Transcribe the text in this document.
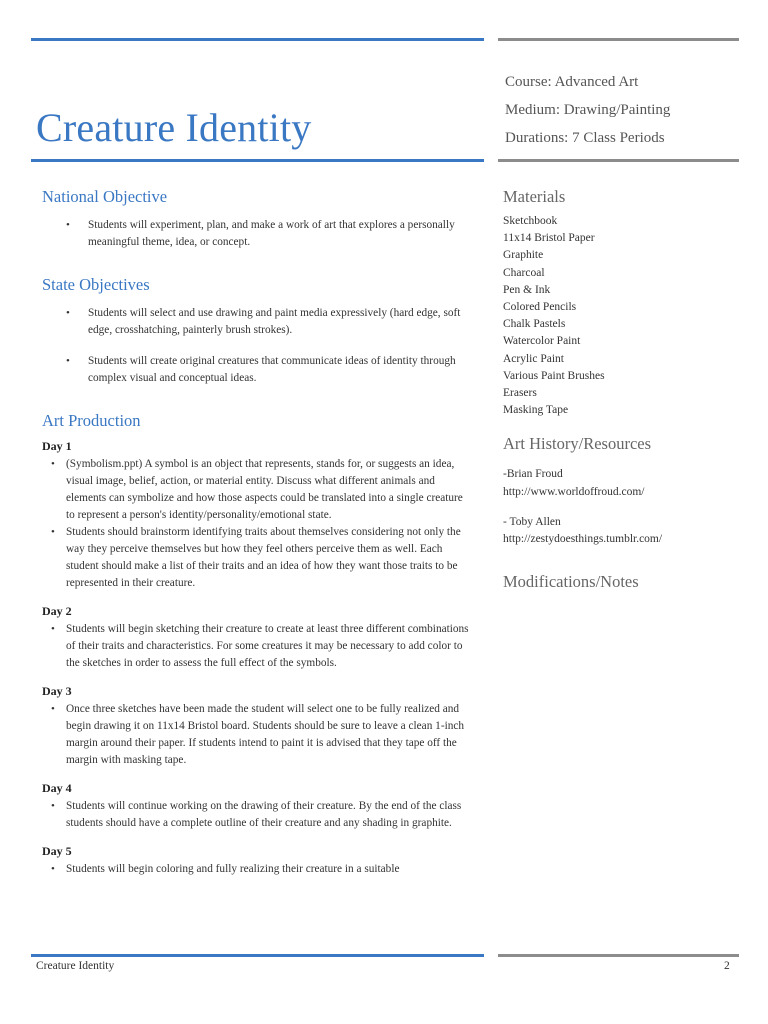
Creature Identity
Course: Advanced Art
Medium: Drawing/Painting
Durations: 7 Class Periods
National Objective
• Students will experiment, plan, and make a work of art that explores a personally meaningful theme, idea, or concept.
State Objectives
• Students will select and use drawing and paint media expressively (hard edge, soft edge, crosshatching, painterly brush strokes).
• Students will create original creatures that communicate ideas of identity through complex visual and conceptual ideas.
Art Production
Day 1
• (Symbolism.ppt) A symbol is an object that represents, stands for, or suggests an idea, visual image, belief, action, or material entity. Discuss what different animals and elements can symbolize and how those aspects could be translated into a single creature to represent a person's identity/personality/emotional state.
• Students should brainstorm identifying traits about themselves considering not only the way they perceive themselves but how they feel others perceive them as well. Each student should make a list of their traits and an idea of how they want those traits to be represented in their creature.
Day 2
• Students will begin sketching their creature to create at least three different combinations of their traits and characteristics. For some creatures it may be necessary to add color to the sketches in order to assess the full effect of the symbols.
Day 3
• Once three sketches have been made the student will select one to be fully realized and begin drawing it on 11x14 Bristol board. Students should be sure to leave a clean 1-inch margin around their paper. If students intend to paint it is advised that they tape off the margin with masking tape.
Day 4
• Students will continue working on the drawing of their creature. By the end of the class students should have a complete outline of their creature and any shading in graphite.
Day 5
• Students will begin coloring and fully realizing their creature in a suitable
Materials
Sketchbook
11x14 Bristol Paper
Graphite
Charcoal
Pen & Ink
Colored Pencils
Chalk Pastels
Watercolor Paint
Acrylic Paint
Various Paint Brushes
Erasers
Masking Tape
Art History/Resources
-Brian Froud
http://www.worldoffroud.com/
- Toby Allen
http://zestydoesthings.tumblr.com/
Modifications/Notes
Creature Identity	2
